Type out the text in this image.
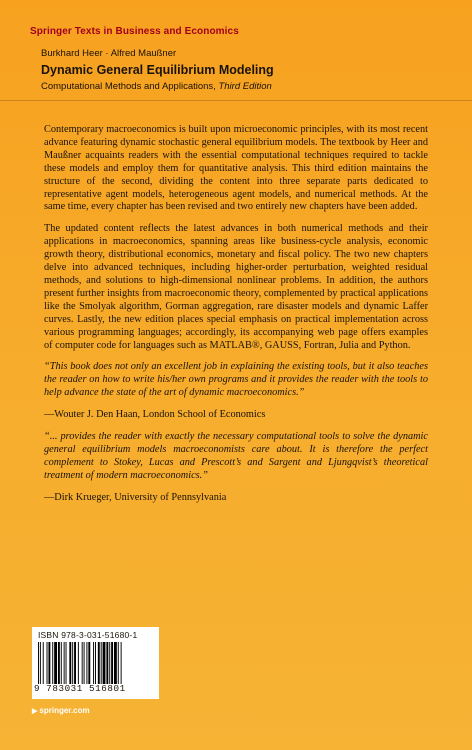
Springer Texts in Business and Economics
Burkhard Heer · Alfred Maußner
Dynamic General Equilibrium Modeling
Computational Methods and Applications, Third Edition

Contemporary macroeconomics is built upon microeconomic principles, with its most recent advance featuring dynamic stochastic general equilibrium models. The textbook by Heer and Maußner acquaints readers with the essential computational techniques required to tackle these models and employ them for quantitative analysis. This third edition maintains the structure of the second, dividing the content into three separate parts dedicated to representative agent models, heterogeneous agent models, and numerical methods. At the same time, every chapter has been revised and two entirely new chapters have been added.

The updated content reflects the latest advances in both numerical methods and their applications in macroeconomics, spanning areas like business-cycle analysis, economic growth theory, distributional economics, monetary and fiscal policy. The two new chapters delve into advanced techniques, including higher-order perturbation, weighted residual methods, and solutions to high-dimensional nonlinear problems. In addition, the authors present further insights from macroeconomic theory, complemented by practical applications like the Smolyak algorithm, Gorman aggregation, rare disaster models and dynamic Laffer curves. Lastly, the new edition places special emphasis on practical implementation across various programming languages; accordingly, its accompanying web page offers examples of computer code for languages such as MATLAB®, GAUSS, Fortran, Julia and Python.

“This book does not only an excellent job in explaining the existing tools, but it also teaches the reader on how to write his/her own programs and it provides the reader with the tools to help advance the state of the art of dynamic macroeconomics.”

—Wouter J. Den Haan, London School of Economics

“... provides the reader with exactly the necessary computational tools to solve the dynamic general equilibrium models macroeconomists care about. It is therefore the perfect complement to Stokey, Lucas and Prescott’s and Sargent and Ljungqvist’s theoretical treatment of modern macroeconomics.”

—Dirk Krueger, University of Pennsylvania

ISBN 978-3-031-51680-1
9 783031 516801
▶ springer.com
